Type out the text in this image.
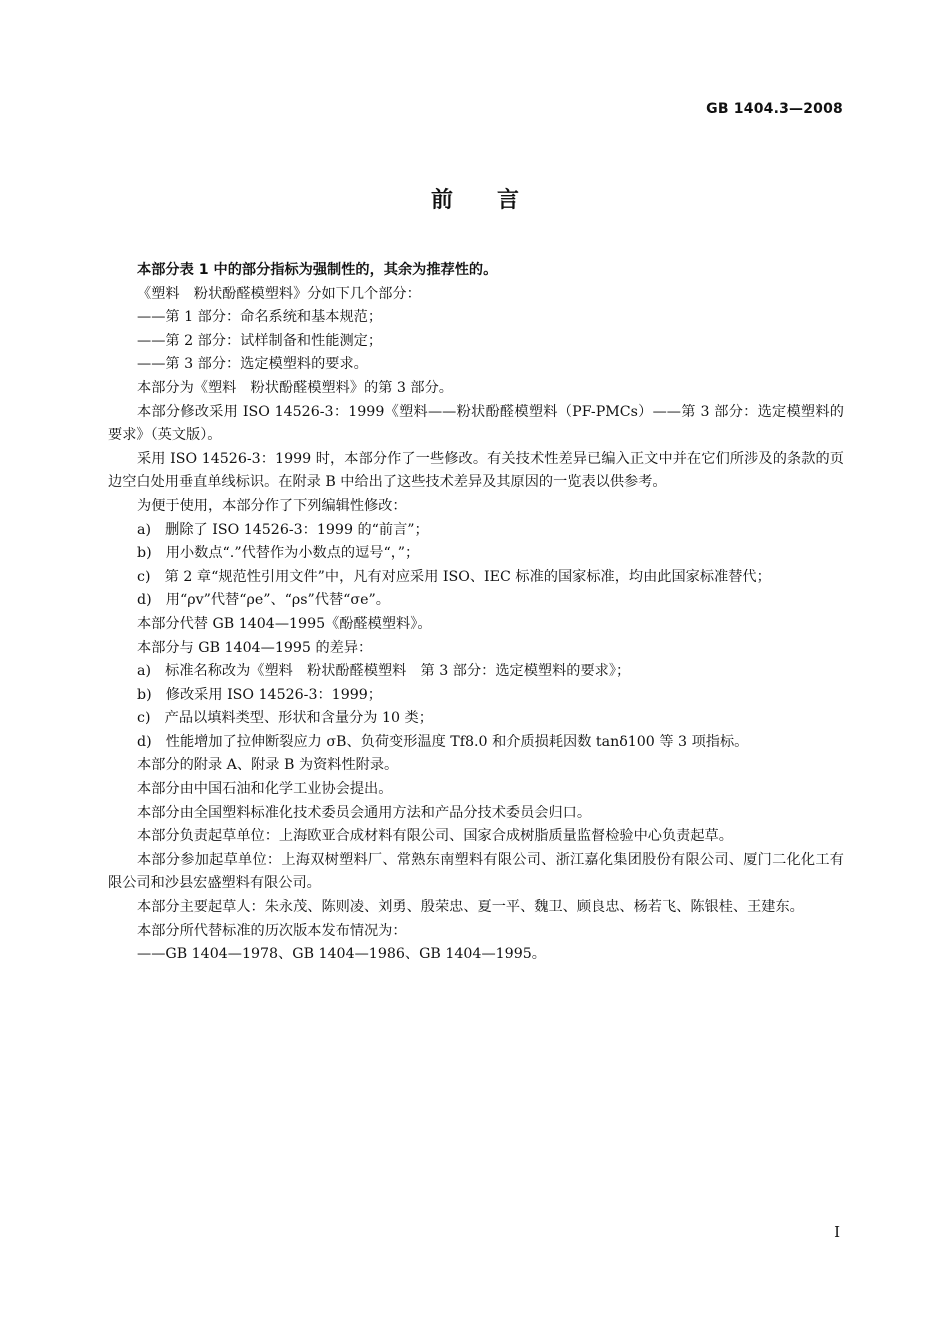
GB 1404.3—2008
前言

本部分表 1 中的部分指标为强制性的，其余为推荐性的。

《塑料　粉状酚醛模塑料》分如下几个部分：

——第 1 部分：命名系统和基本规范；

——第 2 部分：试样制备和性能测定；

——第 3 部分：选定模塑料的要求。

本部分为《塑料　粉状酚醛模塑料》的第 3 部分。

本部分修改采用 ISO 14526-3：1999《塑料——粉状酚醛模塑料（PF-PMCs）——第 3 部分：选定模塑料的要求》（英文版）。

采用 ISO 14526-3：1999 时，本部分作了一些修改。有关技术性差异已编入正文中并在它们所涉及的条款的页边空白处用垂直单线标识。在附录 B 中给出了这些技术差异及其原因的一览表以供参考。

为便于使用，本部分作了下列编辑性修改：

a)　删除了 ISO 14526-3：1999 的“前言”；

b)　用小数点“.”代替作为小数点的逗号“，”；

c)　第 2 章“规范性引用文件”中，凡有对应采用 ISO、IEC 标准的国家标准，均由此国家标准替代；

d)　用“ρv”代替“ρe”、“ρs”代替“σe”。

本部分代替 GB 1404—1995《酚醛模塑料》。

本部分与 GB 1404—1995 的差异：

a)　标准名称改为《塑料　粉状酚醛模塑料　第 3 部分：选定模塑料的要求》；

b)　修改采用 ISO 14526-3：1999；

c)　产品以填料类型、形状和含量分为 10 类；

d)　性能增加了拉伸断裂应力 σB、负荷变形温度 Tf8.0 和介质损耗因数 tanδ100 等 3 项指标。

本部分的附录 A、附录 B 为资料性附录。

本部分由中国石油和化学工业协会提出。

本部分由全国塑料标准化技术委员会通用方法和产品分技术委员会归口。

本部分负责起草单位：上海欧亚合成材料有限公司、国家合成树脂质量监督检验中心负责起草。

本部分参加起草单位：上海双树塑料厂、常熟东南塑料有限公司、浙江嘉化集团股份有限公司、厦门二化化工有限公司和沙县宏盛塑料有限公司。

本部分主要起草人：朱永茂、陈则凌、刘勇、殷荣忠、夏一平、魏卫、顾良忠、杨若飞、陈银桂、王建东。

本部分所代替标准的历次版本发布情况为：

——GB 1404—1978、GB 1404—1986、GB 1404—1995。

I
